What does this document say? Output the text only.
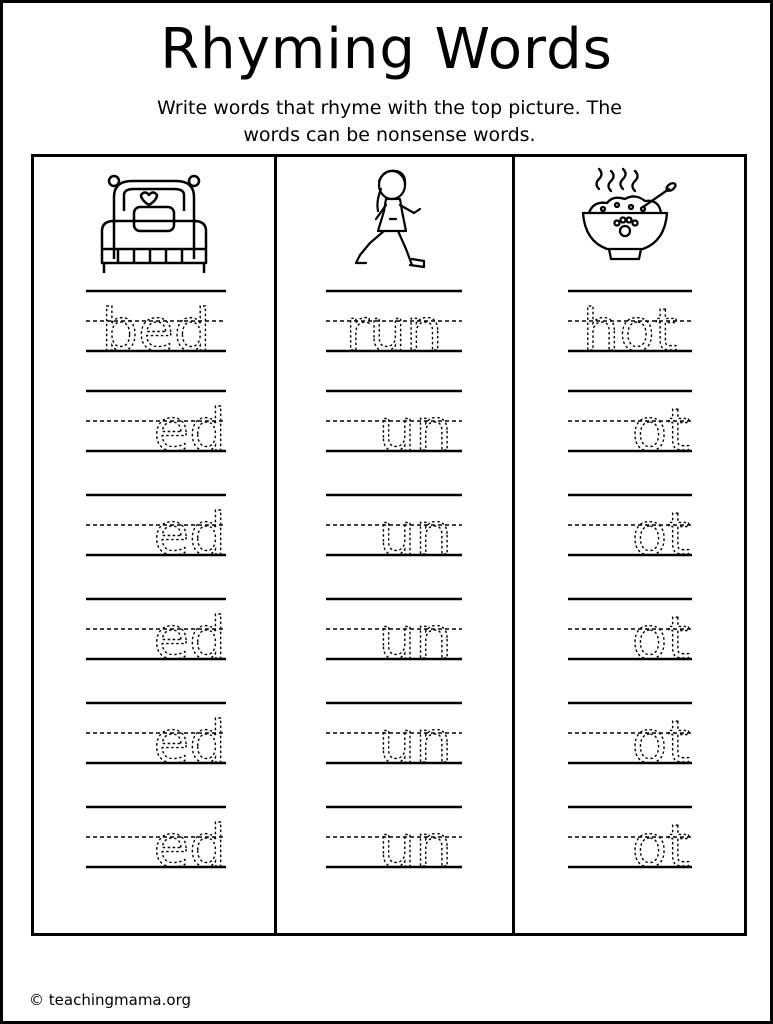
Rhyming Words
Write words that rhyme with the top picture. The
words can be nonsense words.
bed
ed
ed
ed
ed
ed
run
un
un
un
un
un
hot
ot
ot
ot
ot
ot
© teachingmama.org
